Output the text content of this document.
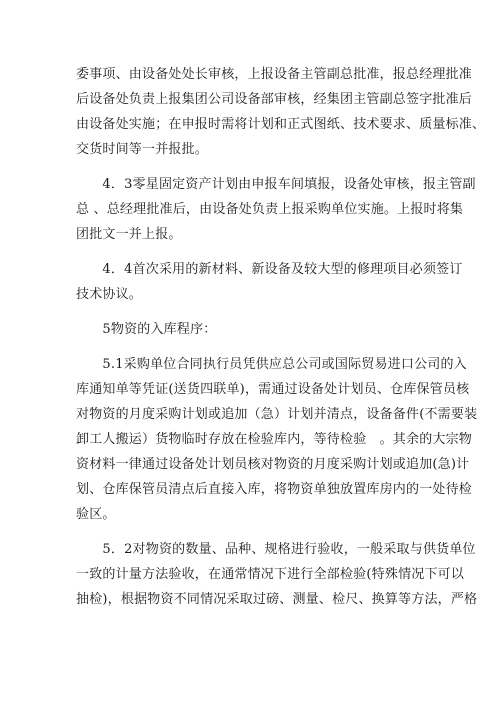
委事项、由设备处处长审核，上报设备主管副总批准，报总经理批准
后设备处负责上报集团公司设备部审核，经集团主管副总签字批准后
由设备处实施；在申报时需将计划和正式图纸、技术要求、质量标准、
交货时间等一并报批。
　　4．3零星固定资产计划由申报车间填报，设备处审核，报主管副
总 、总经理批准后，由设备处负责上报采购单位实施。上报时将集
团批文一并上报。
　　4．4首次采用的新材料、新设备及较大型的修理项目必须签订
技术协议。
　　5物资的入库程序：
　　5.1采购单位合同执行员凭供应总公司或国际贸易进口公司的入
库通知单等凭证(送货四联单)，需通过设备处计划员、仓库保管员核
对物资的月度采购计划或追加（急）计划并清点，设备备件(不需要装
卸工人搬运）货物临时存放在检验库内，等待检验　。其余的大宗物
资材料一律通过设备处计划员核对物资的月度采购计划或追加(急)计
划、仓库保管员清点后直接入库，将物资单独放置库房内的一处待检
验区。
　　5．2对物资的数量、品种、规格进行验收，一般采取与供货单位
一致的计量方法验收，在通常情况下进行全部检验(特殊情况下可以
抽检)，根据物资不同情况采取过磅、测量、检尺、换算等方法，严格
